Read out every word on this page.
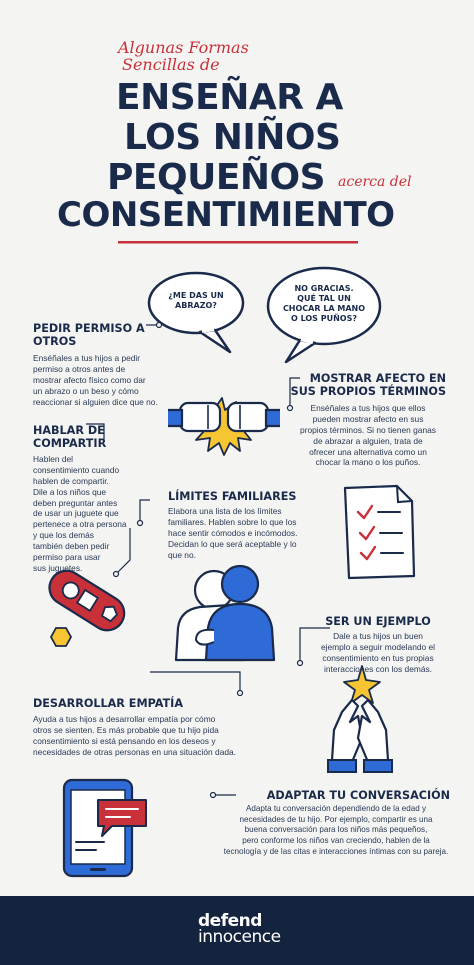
Algunas Formas
Sencillas de
ENSEÑAR A
LOS NIÑOS
PEQUEÑOS acerca del
CONSENTIMIENTO
¿ME DAS UN
ABRAZO?
NO GRACIAS.
QUÉ TAL UN
CHOCAR LA MANO
O LOS PUÑOS?
PEDIR PERMISO A
OTROS
Enséñales a tus hijos a pedir
permiso a otros antes de
mostrar afecto físico como dar
un abrazo o un beso y cómo
reaccionar si alguien dice que no.
MOSTRAR AFECTO EN
SUS PROPIOS TÉRMINOS
Enséñales a tus hijos que ellos
pueden mostrar afecto en sus
propios términos. Si no tienen ganas
de abrazar a alguien, trata de
ofrecer una alternativa como un
chocar la mano o los puños.
HABLAR DE
COMPARTIR
Hablen del
consentimiento cuando
hablen de compartir.
Dile a los niños que
deben preguntar antes
de usar un juguete que
pertenece a otra persona
y que los demás
también deben pedir
permiso para usar
sus juguetes.
LÍMITES FAMILIARES
Elabora una lista de los límites
familiares. Hablen sobre lo que los
hace sentir cómodos e incómodos.
Decidan lo que será aceptable y lo
que no.
SER UN EJEMPLO
Dale a tus hijos un buen
ejemplo a seguir modelando el
consentimiento en tus propias
interacciones con los demás.
DESARROLLAR EMPATÍA
Ayuda a tus hijos a desarrollar empatía por cómo
otros se sienten. Es más probable que tu hijo pida
consentimiento si está pensando en los deseos y
necesidades de otras personas en una situación dada.
ADAPTAR TU CONVERSACIÓN
Adapta tu conversación dependiendo de la edad y
necesidades de tu hijo. Por ejemplo, compartir es una
buena conversación para los niños más pequeños,
pero conforme los niños van creciendo, hablen de la
tecnología y de las citas e interacciones íntimas con su pareja.
defend
innocence
